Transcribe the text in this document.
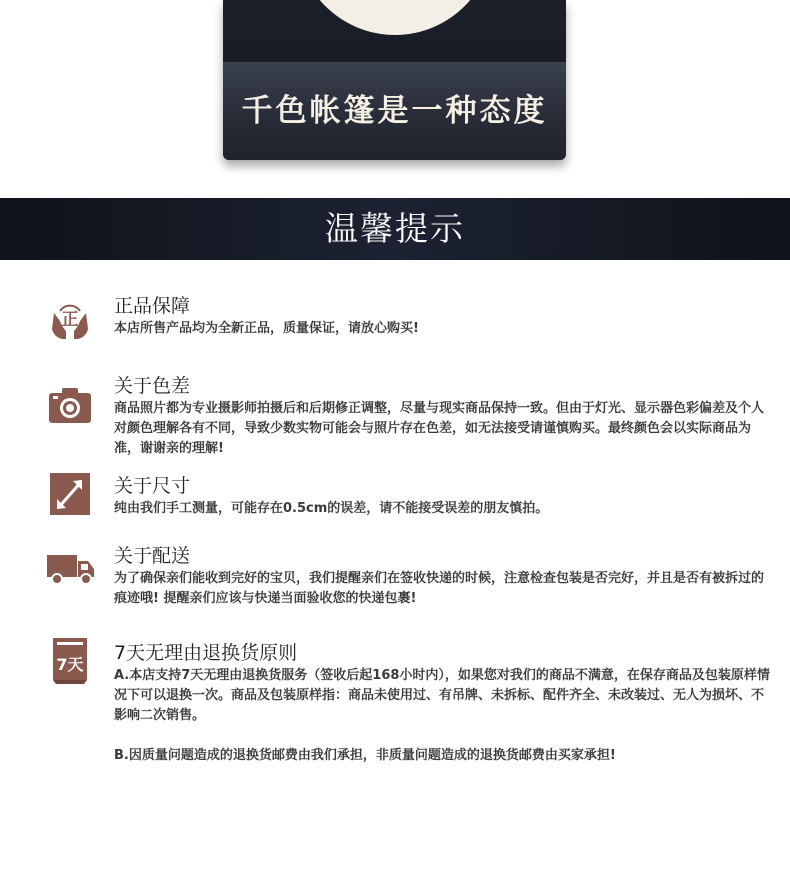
千色帐篷是一种态度
温馨提示
正
正品保障

本店所售产品均为全新正品，质量保证，请放心购买!

关于色差

商品照片都为专业摄影师拍摄后和后期修正调整，尽量与现实商品保持一致。但由于灯光、显示器色彩偏差及个人对颜色理解各有不同，导致少数实物可能会与照片存在色差，如无法接受请谨慎购买。最终颜色会以实际商品为准，谢谢亲的理解!

关于尺寸

纯由我们手工测量，可能存在0.5cm的误差，请不能接受误差的朋友慎拍。

关于配送

为了确保亲们能收到完好的宝贝，我们提醒亲们在签收快递的时候，注意检查包装是否完好，并且是否有被拆过的痕迹哦! 提醒亲们应该与快递当面验收您的快递包裹!

7天
7天无理由退换货原则

A.本店支持7天无理由退换货服务（签收后起168小时内），如果您对我们的商品不满意，在保存商品及包装原样情况下可以退换一次。商品及包装原样指：商品未使用过、有吊牌、未拆标、配件齐全、未改装过、无人为损坏、不影响二次销售。

B.因质量问题造成的退换货邮费由我们承担，非质量问题造成的退换货邮费由买家承担!
